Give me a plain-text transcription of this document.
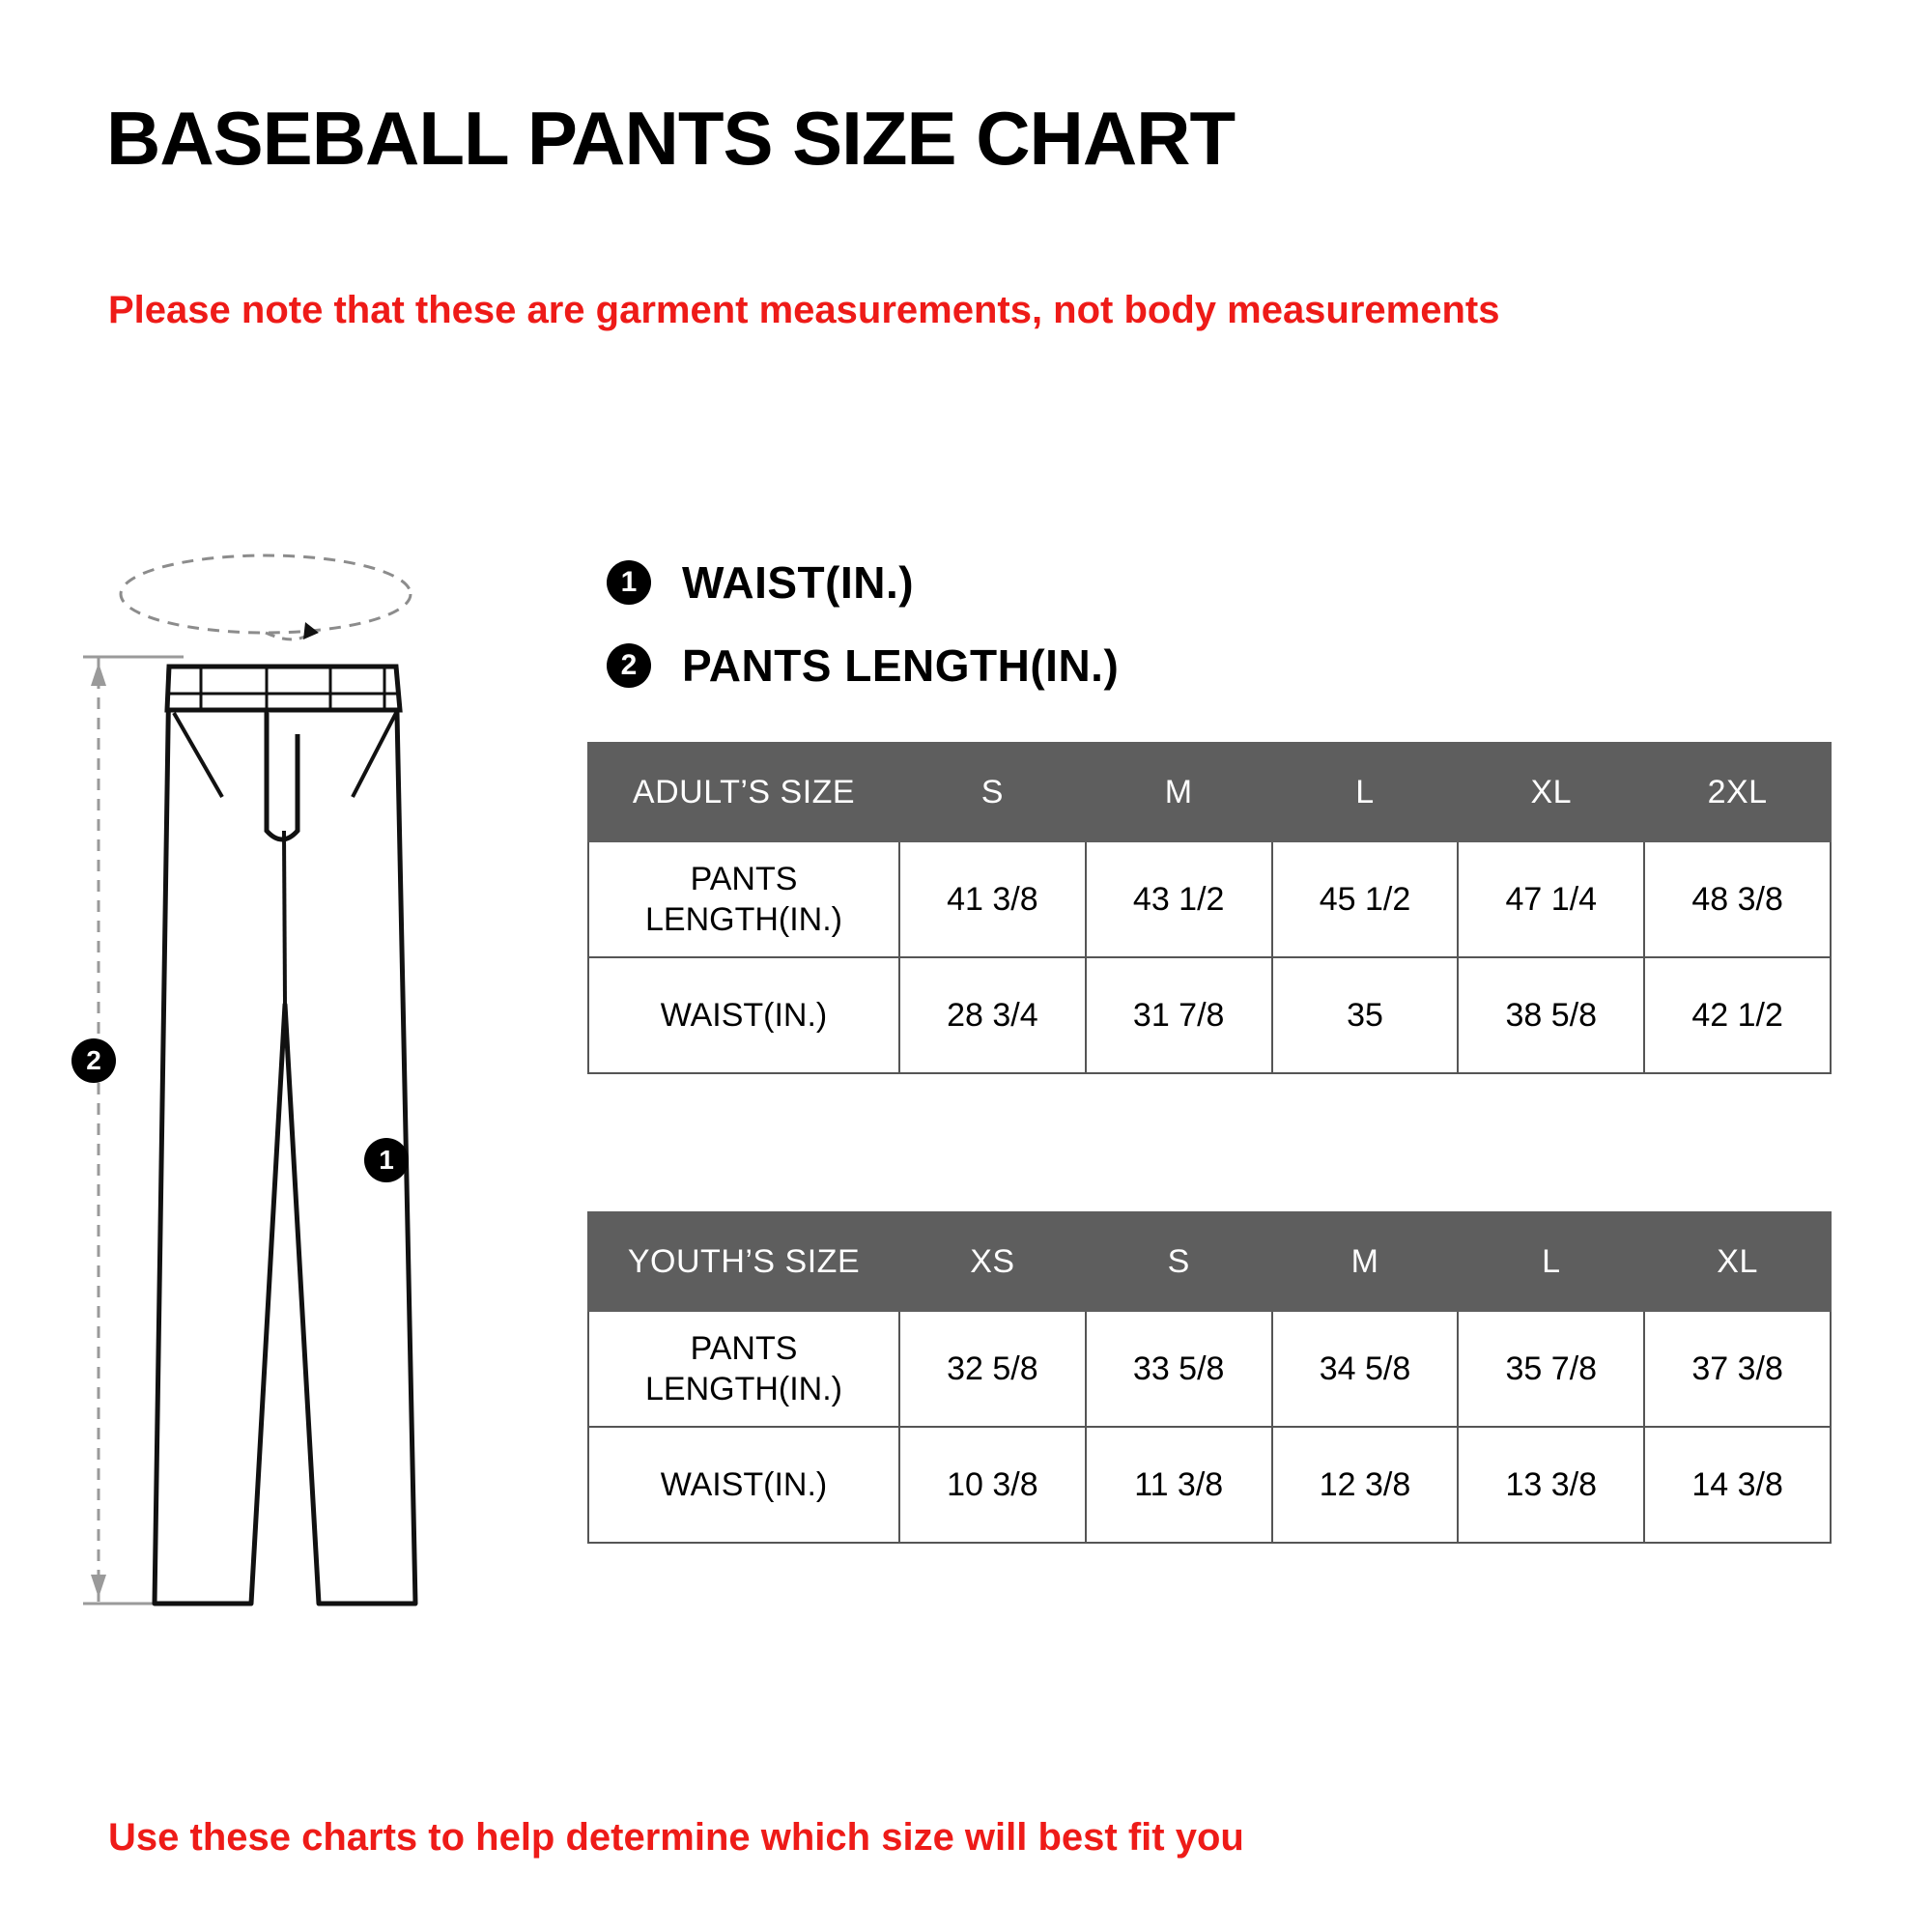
BASEBALL PANTS SIZE CHART
Please note that these are garment measurements, not body measurements
1	WAIST(IN.)
2	PANTS LENGTH(IN.)
1
2
ADULT’S SIZE	S	M	L	XL	2XL
PANTS LENGTH(IN.)	41 3/8	43 1/2	45 1/2	47 1/4	48 3/8
WAIST(IN.)	28 3/4	31 7/8	35	38 5/8	42 1/2
YOUTH’S SIZE	XS	S	M	L	XL
PANTS LENGTH(IN.)	32 5/8	33 5/8	34 5/8	35 7/8	37 3/8
WAIST(IN.)	10 3/8	11 3/8	12 3/8	13 3/8	14 3/8
Use these charts to help determine which size will best fit you
